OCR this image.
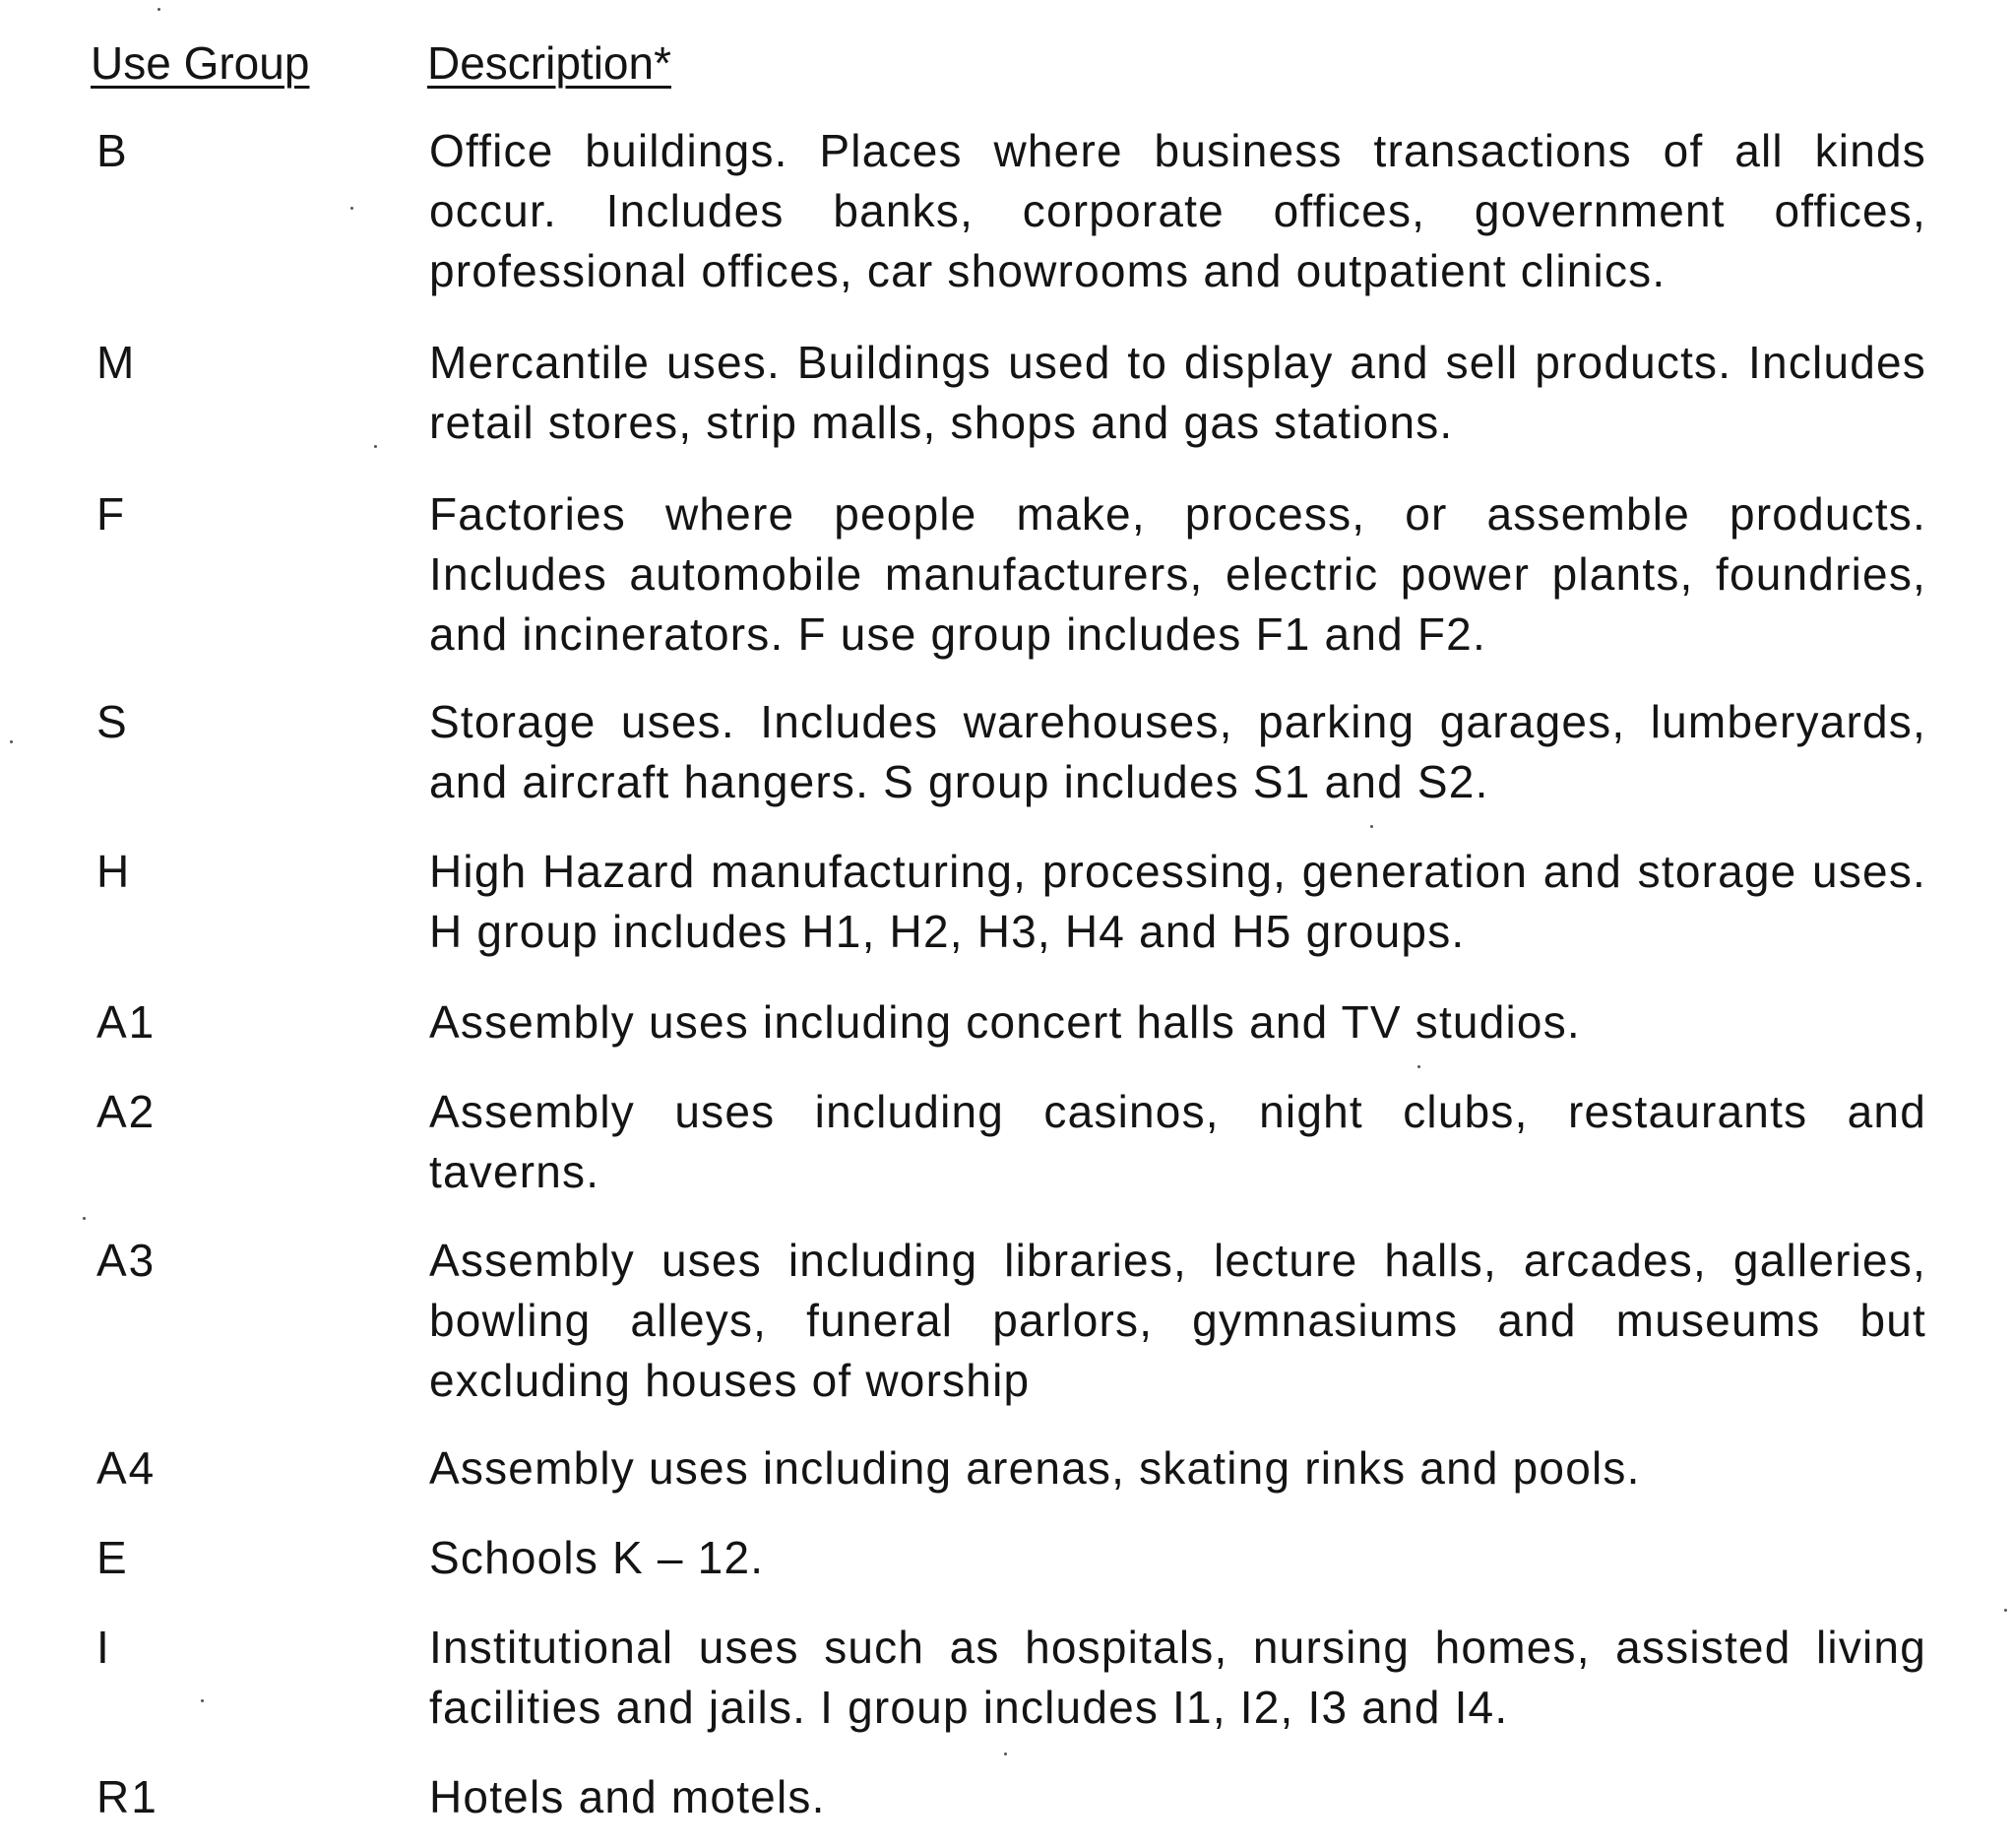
Use Group	Description*
B	Office buildings. Places where business transactions of all kinds occur. Includes banks, corporate offices, government offices, professional offices, car showrooms and outpatient clinics.
M	Mercantile uses. Buildings used to display and sell products. Includes retail stores, strip malls, shops and gas stations.
F	Factories where people make, process, or assemble products. Includes automobile manufacturers, electric power plants, foundries, and incinerators. F use group includes F1 and F2.
S	Storage uses. Includes warehouses, parking garages, lumberyards, and aircraft hangers. S group includes S1 and S2.
H	High Hazard manufacturing, processing, generation and storage uses. H group includes H1, H2, H3, H4 and H5 groups.
A1	Assembly uses including concert halls and TV studios.
A2	Assembly uses including casinos, night clubs, restaurants and taverns.
A3	Assembly uses including libraries, lecture halls, arcades, galleries, bowling alleys, funeral parlors, gymnasiums and museums but excluding houses of worship
A4	Assembly uses including arenas, skating rinks and pools.
E	Schools K – 12.
I	Institutional uses such as hospitals, nursing homes, assisted living facilities and jails. I group includes I1, I2, I3 and I4.
R1	Hotels and motels.
